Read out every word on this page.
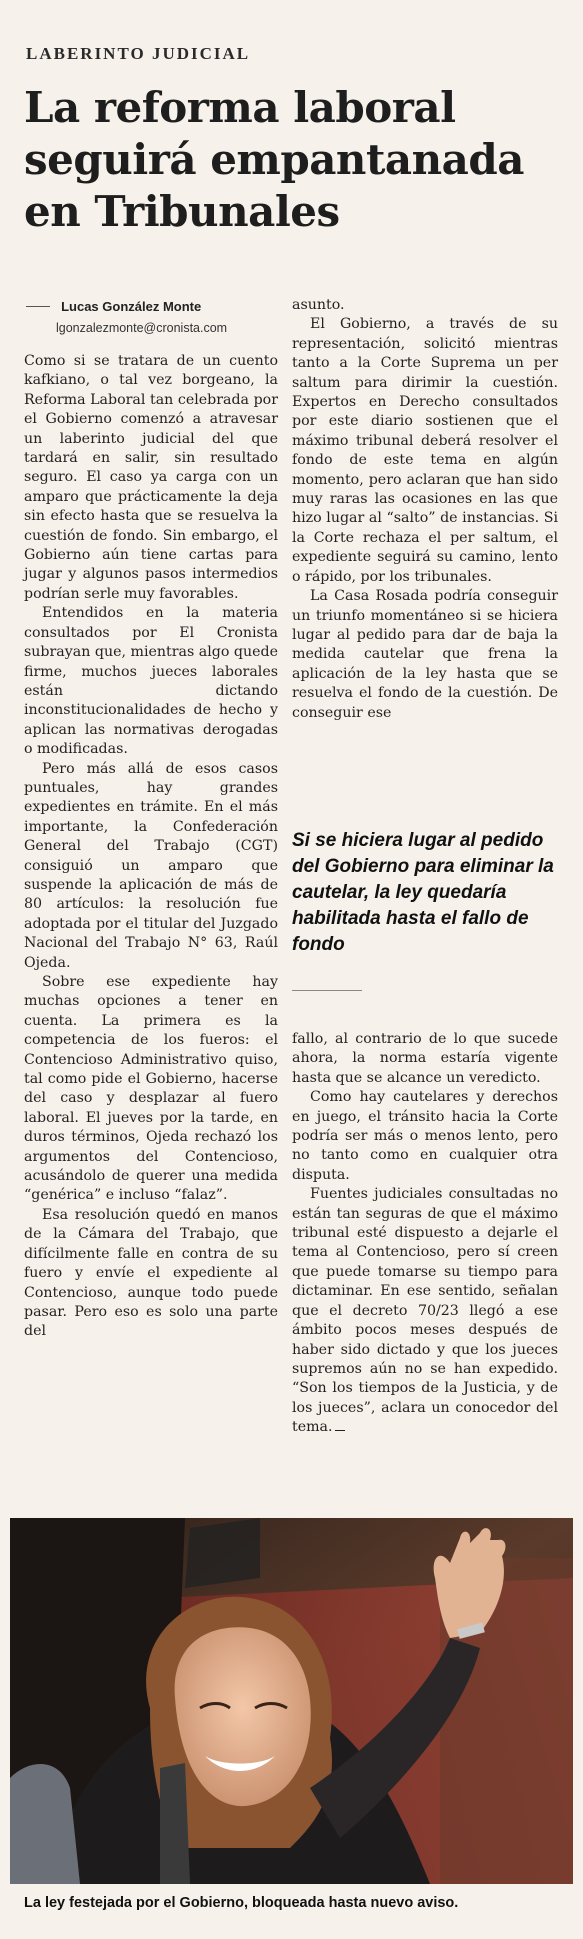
LABERINTO JUDICIAL
La reforma laboral seguirá empantanada en Tribunales
Lucas González Monte
lgonzalezmonte@cronista.com

Como si se tratara de un cuento kafkiano, o tal vez borgeano, la Reforma Laboral tan celebrada por el Gobierno comenzó a atravesar un laberinto judicial del que tardará en salir, sin resultado seguro. El caso ya carga con un amparo que prácticamente la deja sin efecto hasta que se resuelva la cuestión de fondo. Sin embargo, el Gobierno aún tiene cartas para jugar y algunos pasos intermedios podrían serle muy favorables.

Entendidos en la materia consultados por El Cronista subrayan que, mientras algo quede firme, muchos jueces laborales están dictando inconstitucionalidades de hecho y aplican las normativas derogadas o modificadas.

Pero más allá de esos casos puntuales, hay grandes expedientes en trámite. En el más importante, la Confederación General del Trabajo (CGT) consiguió un amparo que suspende la aplicación de más de 80 artículos: la resolución fue adoptada por el titular del Juzgado Nacional del Trabajo N° 63, Raúl Ojeda.

Sobre ese expediente hay muchas opciones a tener en cuenta. La primera es la competencia de los fueros: el Contencioso Administrativo quiso, tal como pide el Gobierno, hacerse del caso y desplazar al fuero laboral. El jueves por la tarde, en duros términos, Ojeda rechazó los argumentos del Contencioso, acusándolo de querer una medida “genérica” e incluso “falaz”.

Esa resolución quedó en manos de la Cámara del Trabajo, que difícilmente falle en contra de su fuero y envíe el expediente al Contencioso, aunque todo puede pasar. Pero eso es solo una parte del

asunto.

El Gobierno, a través de su representación, solicitó mientras tanto a la Corte Suprema un per saltum para dirimir la cuestión. Expertos en Derecho consultados por este diario sostienen que el máximo tribunal deberá resolver el fondo de este tema en algún momento, pero aclaran que han sido muy raras las ocasiones en las que hizo lugar al “salto” de instancias. Si la Corte rechaza el per saltum, el expediente seguirá su camino, lento o rápido, por los tribunales.

La Casa Rosada podría conseguir un triunfo momentáneo si se hiciera lugar al pedido para dar de baja la medida cautelar que frena la aplicación de la ley hasta que se resuelva el fondo de la cuestión. De conseguir ese

Si se hiciera lugar al pedido del Gobierno para eliminar la cautelar, la ley quedaría habilitada hasta el fallo de fondo

fallo, al contrario de lo que sucede ahora, la norma estaría vigente hasta que se alcance un veredicto.

Como hay cautelares y derechos en juego, el tránsito hacia la Corte podría ser más o menos lento, pero no tanto como en cualquier otra disputa.

Fuentes judiciales consultadas no están tan seguras de que el máximo tribunal esté dispuesto a dejarle el tema al Contencioso, pero sí creen que puede tomarse su tiempo para dictaminar. En ese sentido, señalan que el decreto 70/23 llegó a ese ámbito pocos meses después de haber sido dictado y que los jueces supremos aún no se han expedido. “Son los tiempos de la Justicia, y de los jueces”, aclara un conocedor del tema.

La ley festejada por el Gobierno, bloqueada hasta nuevo aviso.
